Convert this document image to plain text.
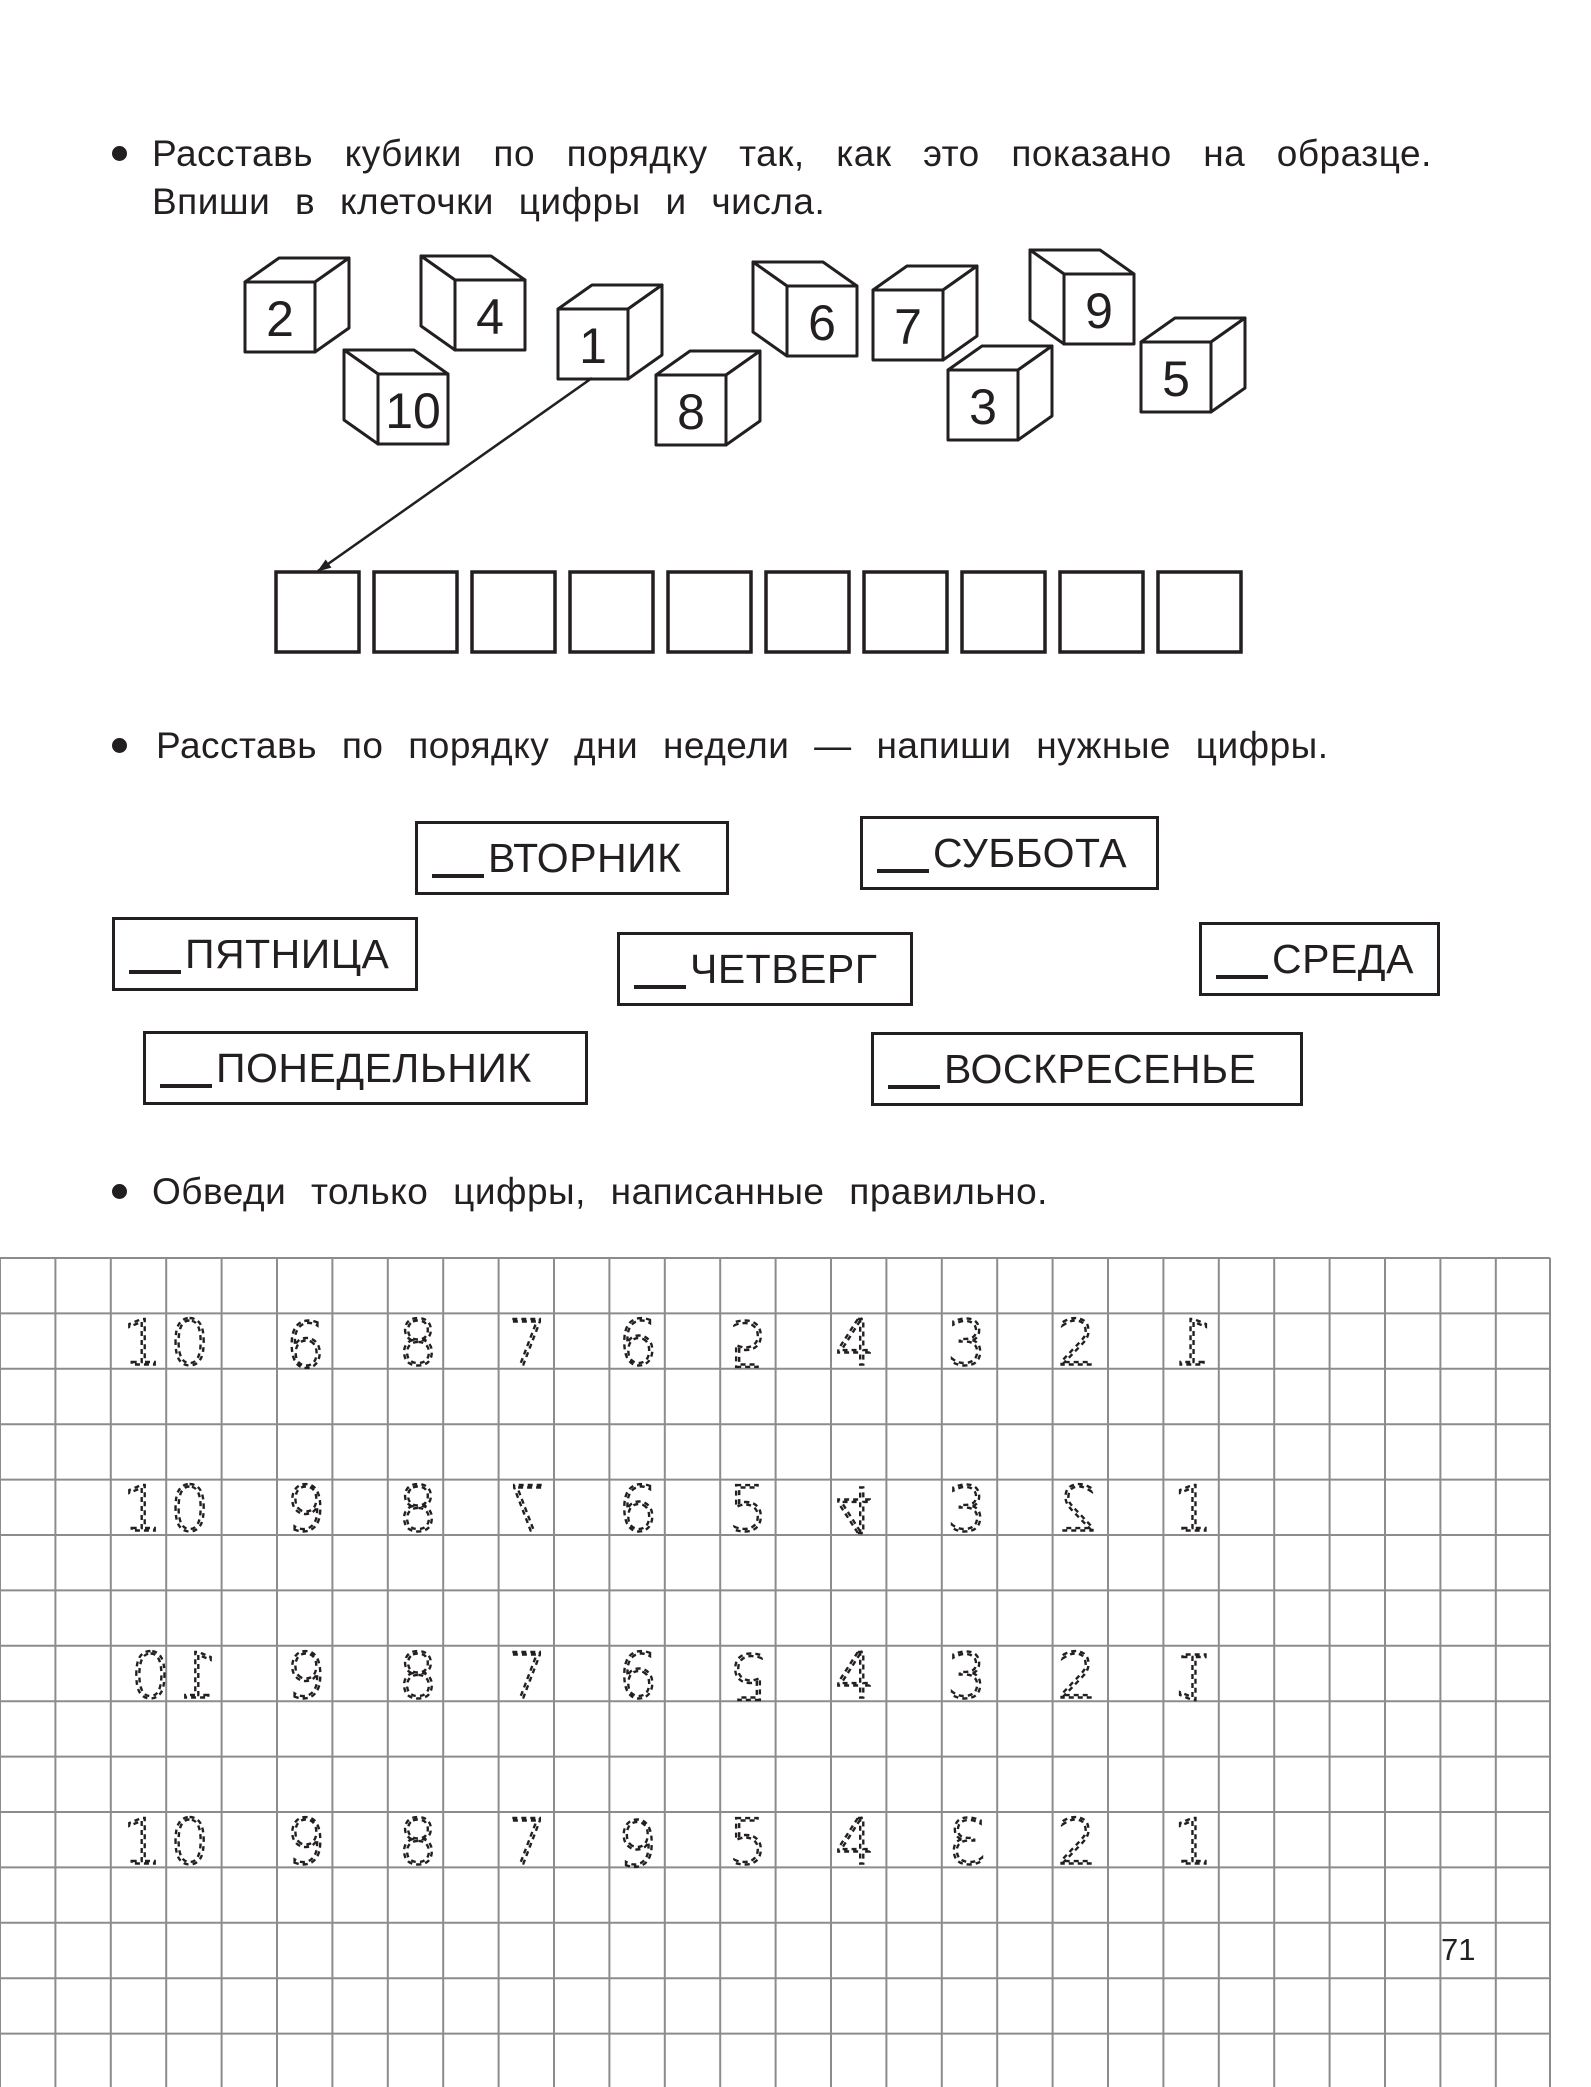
Расставь кубики по порядку так, как это показано на образце.
Впиши в клеточки цифры и числа.
2
10
4
1
8
6 7
3
9
5
Расставь по порядку дни недели — напиши нужные цифры.
ВТОРНИК	СУББОТА
ПЯТНИЦА	ЧЕТВЕРГ	СРЕДА
ПОНЕДЕЛЬНИК	ВОСКРЕСЕНЬЕ
Обведи только цифры, написанные правильно.
10 9 8 7 6 5 4 3 2 1
10 9 8 7 6 5 4 3 2 1
10 9 8 7 6 5 4 3 2 1
10 9 8 7 6 5 4 3 2 1
71
